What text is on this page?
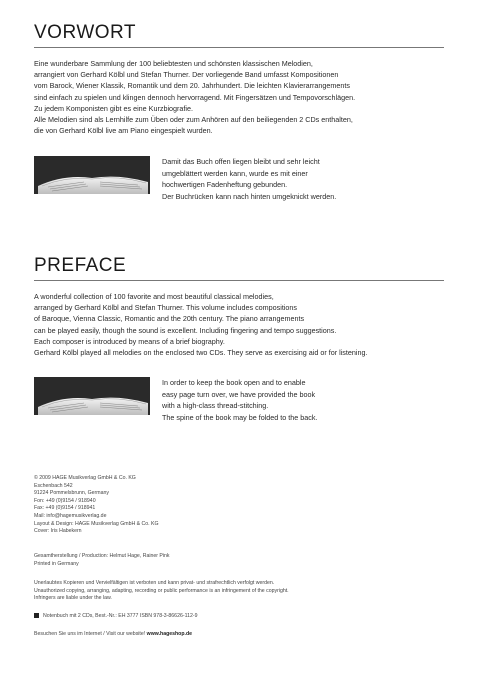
VORWORT
Eine wunderbare Sammlung der 100 beliebtesten und schönsten klassischen Melodien,
arrangiert von Gerhard Kölbl und Stefan Thurner. Der vorliegende Band umfasst Kompositionen
vom Barock, Wiener Klassik, Romantik und dem 20. Jahrhundert. Die leichten Klavierarrangements
sind einfach zu spielen und klingen dennoch hervorragend. Mit Fingersätzen und Tempovorschlägen.
Zu jedem Komponisten gibt es eine Kurzbiografie.
Alle Melodien sind als Lernhilfe zum Üben oder zum Anhören auf den beiliegenden 2 CDs enthalten,
die von Gerhard Kölbl live am Piano eingespielt wurden.
Damit das Buch offen liegen bleibt und sehr leicht
umgeblättert werden kann, wurde es mit einer
hochwertigen Fadenheftung gebunden.
Der Buchrücken kann nach hinten umgeknickt werden.
PREFACE
A wonderful collection of 100 favorite and most beautiful classical melodies,
arranged by Gerhard Kölbl and Stefan Thurner. This volume includes compositions
of Baroque, Vienna Classic, Romantic and the 20th century. The piano arrangements
can be played easily, though the sound is excellent. Including fingering and tempo suggestions.
Each composer is introduced by means of a brief biography.
Gerhard Kölbl played all melodies on the enclosed two CDs. They serve as exercising aid or for listening.
In order to keep the book open and to enable
easy page turn over, we have provided the book
with a high-class thread-stitching.
The spine of the book may be folded to the back.
© 2009 HAGE Musikverlag GmbH & Co. KG
Eschenbach 542
91224 Pommelsbrunn, Germany
Fon: +49 (0)9154 / 918940
Fax: +49 (0)9154 / 918941
Mail: info@hagemusikverlag.de
Layout & Design: HAGE Musikverlag GmbH & Co. KG
Cover: Iris Habekern
Gesamtherstellung / Production: Helmut Hage, Rainer Pink
Printed in Germany
Unerlaubtes Kopieren und Vervielfältigen ist verboten und kann privat- und strafrechtlich verfolgt werden.
Unauthorized copying, arranging, adapting, recording or public performance is an infringement of the copyright.
Infringers are liable under the law.
Notenbuch mit 2 CDs, Best.-Nr.: EH 3777 ISBN 978-3-86626-112-9
Besuchen Sie uns im Internet / Visit our website! www.hageshop.de
